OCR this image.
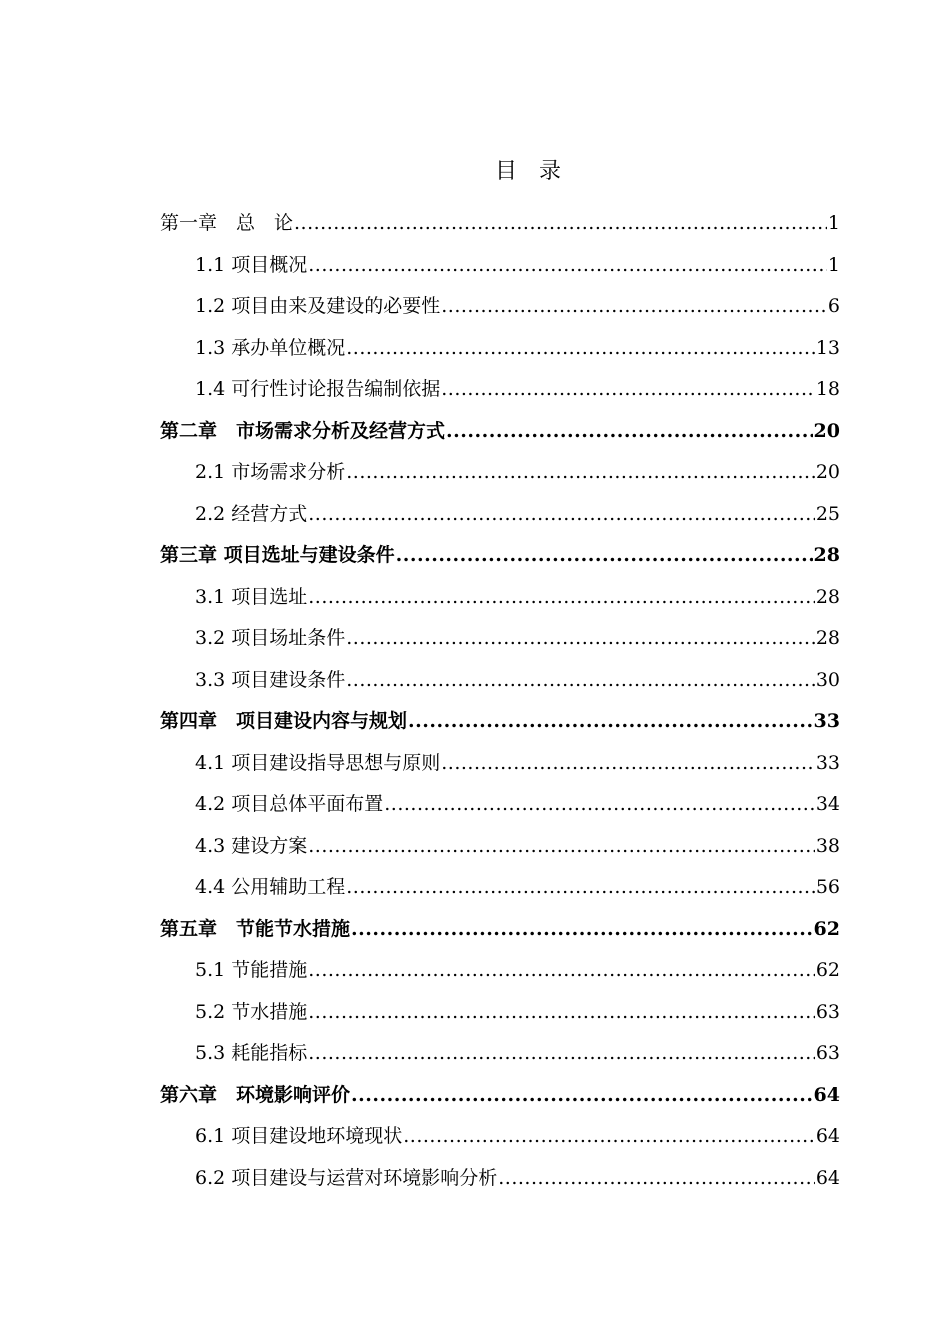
目　录
第一章　总　论 .....	1
1.1 项目概况 .....	1
1.2 项目由来及建设的必要性 .....	6
1.3 承办单位概况 .....	13
1.4 可行性讨论报告编制依据 .....	18
第二章　市场需求分析及经营方式 .....	20
2.1 市场需求分析 .....	20
2.2 经营方式 .....	25
第三章 项目选址与建设条件 .....	28
3.1 项目选址 .....	28
3.2 项目场址条件 .....	28
3.3 项目建设条件 .....	30
第四章　项目建设内容与规划 .....	33
4.1 项目建设指导思想与原则 .....	33
4.2 项目总体平面布置 .....	34
4.3 建设方案 .....	38
4.4 公用辅助工程 .....	56
第五章　节能节水措施 .....	62
5.1 节能措施 .....	62
5.2 节水措施 .....	63
5.3 耗能指标 .....	63
第六章　环境影响评价 .....	64
6.1 项目建设地环境现状 .....	64
6.2 项目建设与运营对环境影响分析 .....	64
